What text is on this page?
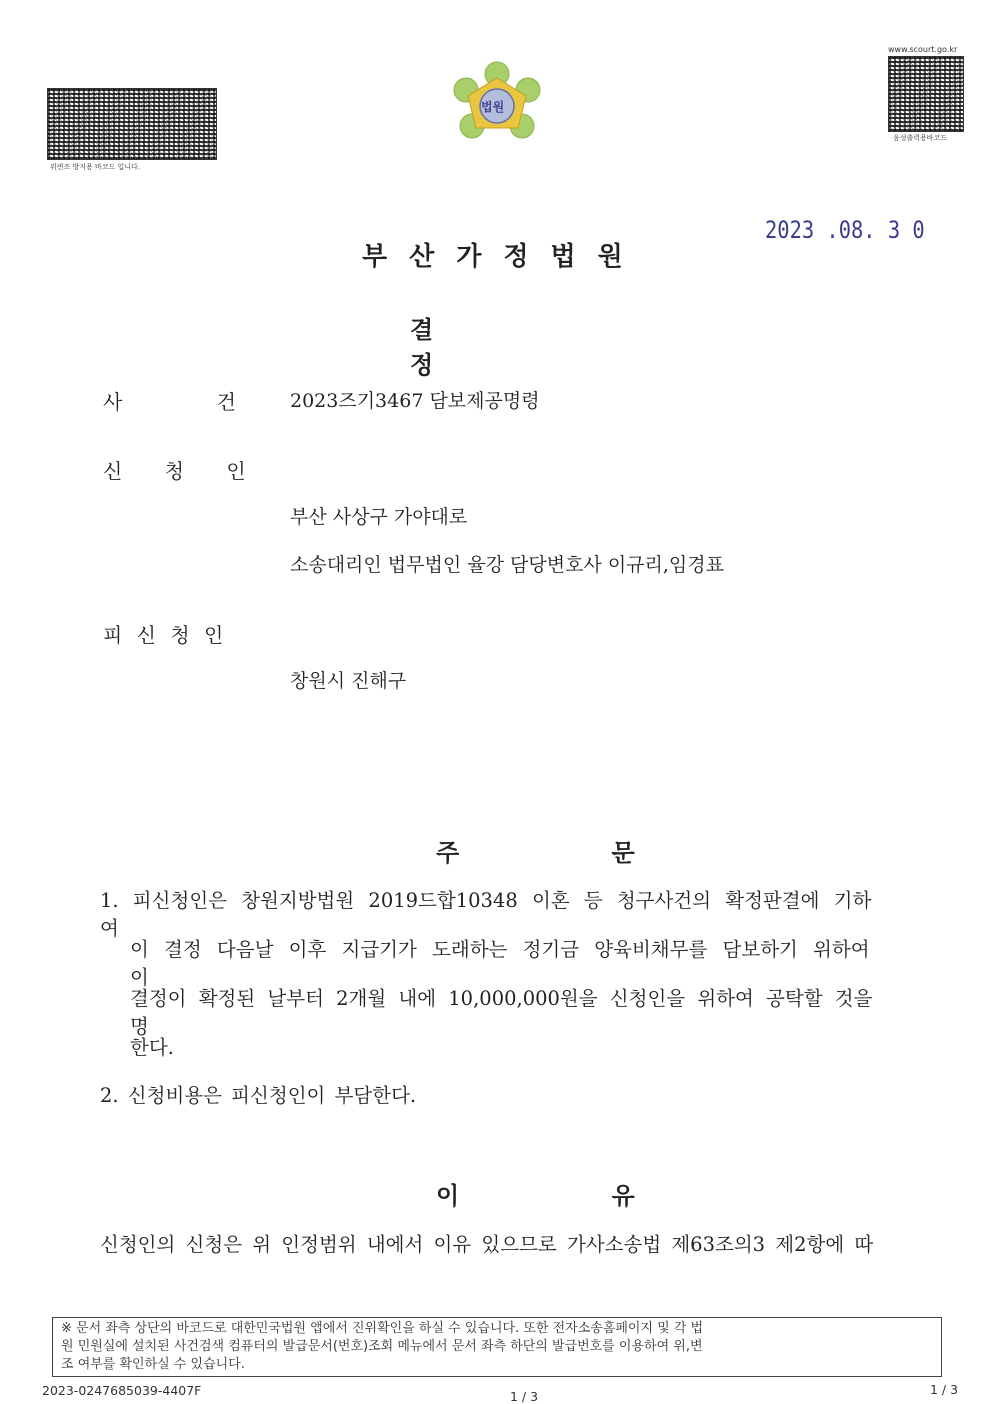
위변조 방지용 바코드 입니다.
법원
www.scourt.go.kr
음성출력용바코드
2023 .08. 3 0
부산가정법원
결 정
사 건 2023즈기3467 담보제공명령
신 청 인
부산 사상구 가야대로
소송대리인 법무법인 율강 담당변호사 이규리,임경표
피 신 청 인
창원시 진해구
주 문
1. 피신청인은 창원지방법원 2019드합10348 이혼 등 청구사건의 확정판결에 기하여
이 결정 다음날 이후 지급기가 도래하는 정기금 양육비채무를 담보하기 위하여 이
결정이 확정된 날부터 2개월 내에 10,000,000원을 신청인을 위하여 공탁할 것을 명
한다.
2. 신청비용은 피신청인이 부담한다.
이 유
신청인의 신청은 위 인정범위 내에서 이유 있으므로 가사소송법 제63조의3 제2항에 따
※ 문서 좌측 상단의 바코드로 대한민국법원 앱에서 진위확인을 하실 수 있습니다. 또한 전자소송홈페이지 및 각 법
원 민원실에 설치된 사건검색 컴퓨터의 발급문서(번호)조회 메뉴에서 문서 좌측 하단의 발급번호를 이용하여 위,변
조 여부를 확인하실 수 있습니다.
2023-0247685039-4407F	1 / 3	1 / 3
